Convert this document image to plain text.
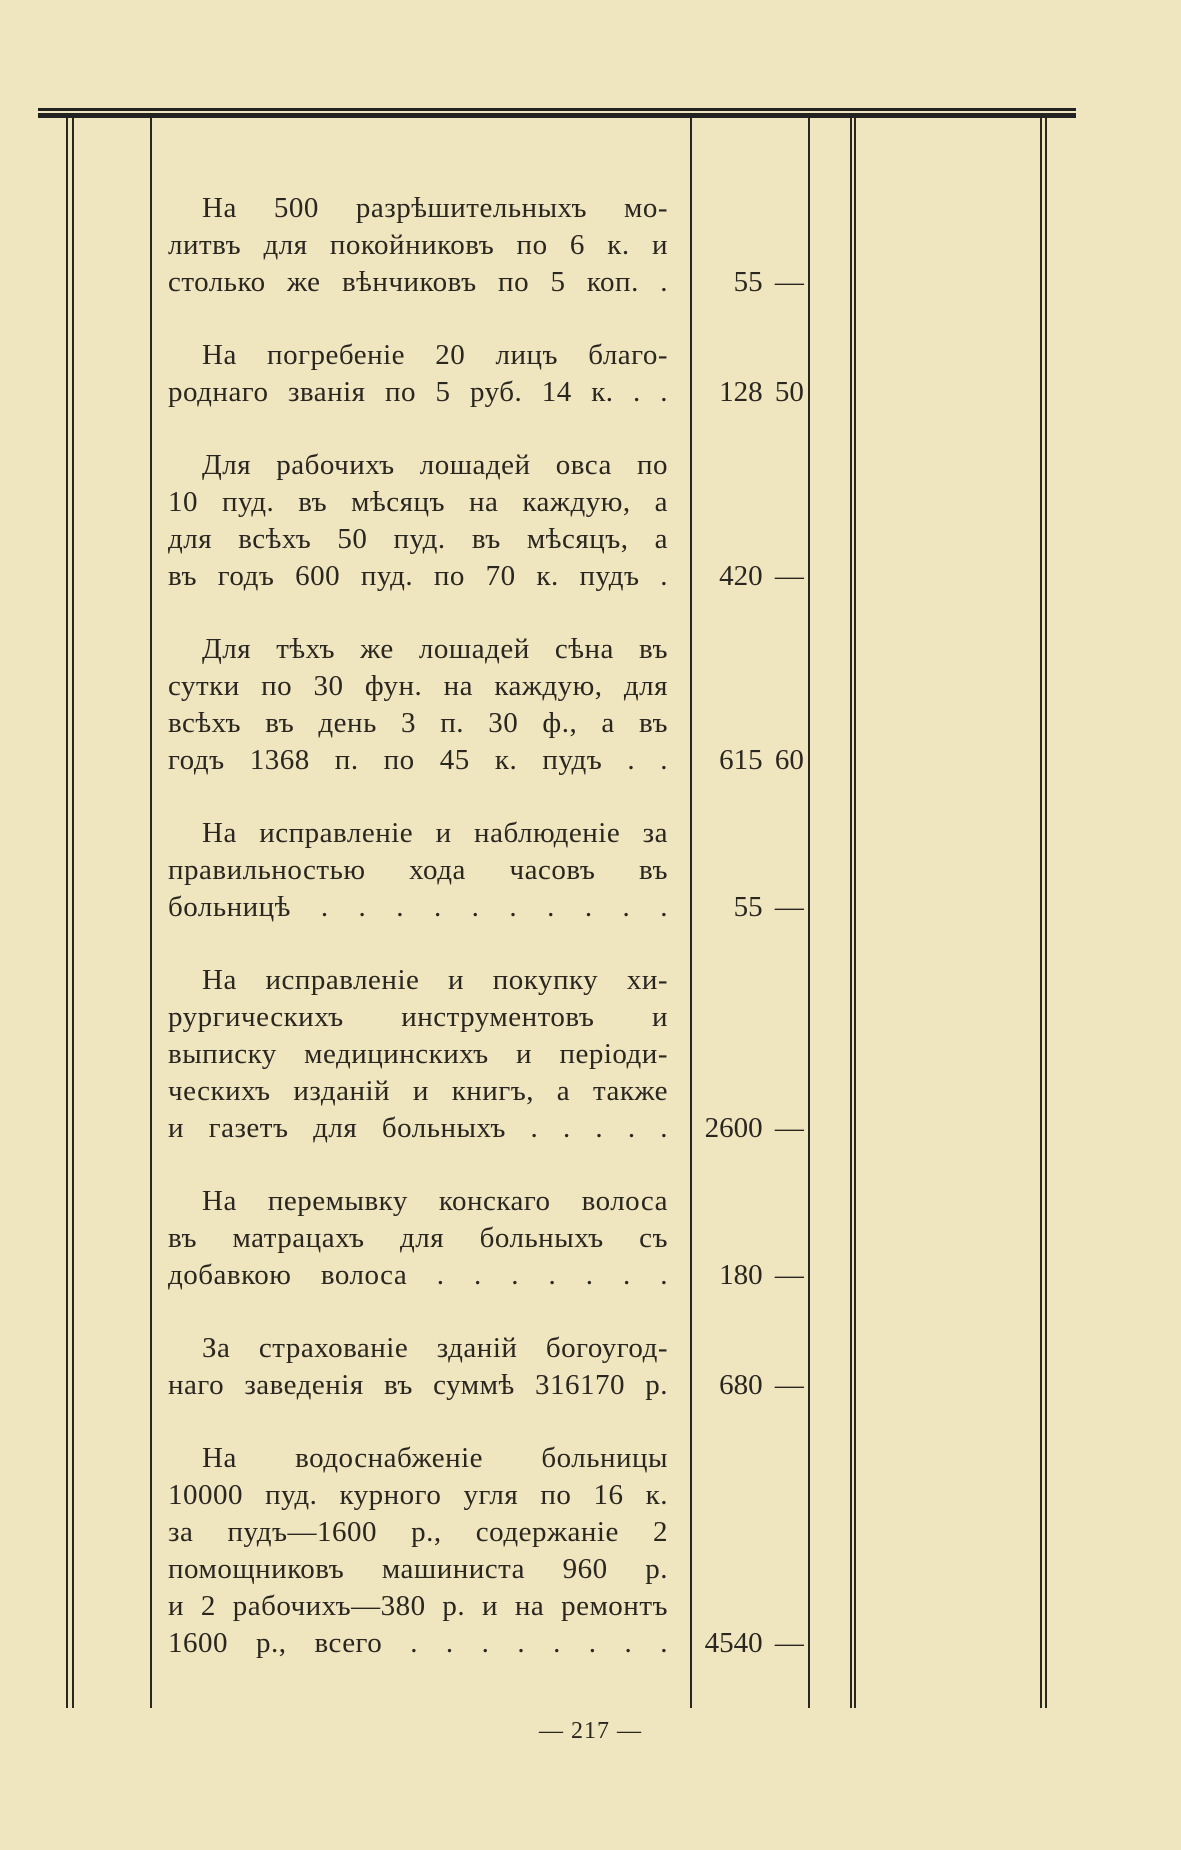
На 500 разрѣшительныхъ мо-
литвъ для покойниковъ по 6 к. и
столько же вѣнчиковъ по 5 коп. .	55 —
На погребенiе 20 лицъ благо-
роднаго званiя по 5 руб. 14 к. . .	128 50
Для рабочихъ лошадей овса по
10 пуд. въ мѣсяцъ на каждую, а
для всѣхъ 50 пуд. въ мѣсяцъ, а
въ годъ 600 пуд. по 70 к. пудъ .	420 —
Для тѣхъ же лошадей сѣна въ
сутки по 30 фун. на каждую, для
всѣхъ въ день 3 п. 30 ф., а въ
годъ 1368 п. по 45 к. пудъ . .	615 60
На исправленiе и наблюденiе за
правильностью хода часовъ въ
больницѣ . . . . . . . . . .	55 —
На исправленiе и покупку хи-
рургическихъ инструментовъ и
выписку медицинскихъ и перiоди-
ческихъ изданiй и книгъ, а также
и газетъ для больныхъ . . . . .	2600 —
На перемывку конскаго волоса
въ матрацахъ для больныхъ съ
добавкою волоса . . . . . . .	180 —
За страхованiе зданiй богоугод-
наго заведенiя въ суммѣ 316170 р.	680 —
На водоснабженiе больницы
10000 пуд. курного угля по 16 к.
за пудъ—1600 р., содержанiе 2
помощниковъ машиниста 960 р.
и 2 рабочихъ—380 р. и на ремонтъ
1600 р., всего . . . . . . . .	4540 —
— 217 —
